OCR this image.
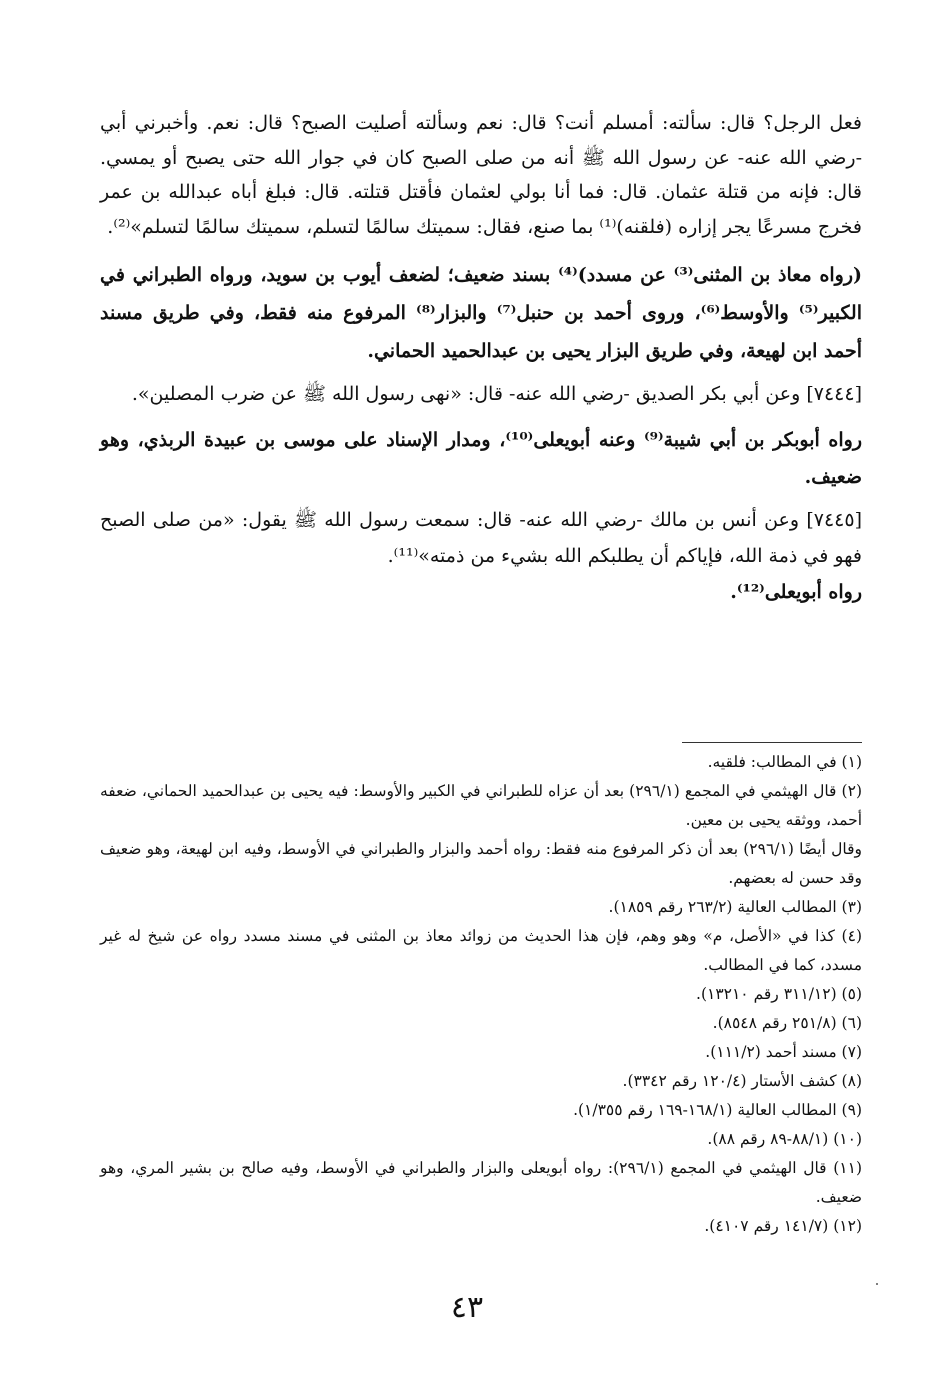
فعل الرجل؟ قال: سألته: أمسلم أنت؟ قال: نعم وسألته أصليت الصبح؟ قال: نعم. وأخبرني أبي -رضي الله عنه- عن رسول الله ﷺ أنه من صلى الصبح كان في جوار الله حتى يصبح أو يمسي. قال: فإنه من قتلة عثمان. قال: فما أنا بولي لعثمان فأقتل قتلته. قال: فبلغ أباه عبدالله بن عمر فخرج مسرعًا يجر إزاره (فلقنه)⁽¹⁾ بما صنع، فقال: سميتك سالمًا لتسلم، سميتك سالمًا لتسلم»⁽²⁾.

(رواه معاذ بن المثنى⁽³⁾ عن مسدد)⁽⁴⁾ بسند ضعيف؛ لضعف أيوب بن سويد، ورواه الطبراني في الكبير⁽⁵⁾ والأوسط⁽⁶⁾، وروى أحمد بن حنبل⁽⁷⁾ والبزار⁽⁸⁾ المرفوع منه فقط، وفي طريق مسند أحمد ابن لهيعة، وفي طريق البزار يحيى بن عبدالحميد الحماني.

[٧٤٤٤] وعن أبي بكر الصديق -رضي الله عنه- قال: «نهى رسول الله ﷺ عن ضرب المصلين».

رواه أبوبكر بن أبي شيبة⁽⁹⁾ وعنه أبويعلى⁽¹⁰⁾، ومدار الإسناد على موسى بن عبيدة الربذي، وهو ضعيف.

[٧٤٤٥] وعن أنس بن مالك -رضي الله عنه- قال: سمعت رسول الله ﷺ يقول: «من صلى الصبح فهو في ذمة الله، فإياكم أن يطلبكم الله بشيء من ذمته»⁽¹¹⁾.

رواه أبويعلى⁽¹²⁾.

(١) في المطالب: فلقيه.

(٢) قال الهيثمي في المجمع (٢٩٦/١) بعد أن عزاه للطبراني في الكبير والأوسط: فيه يحيى بن عبدالحميد الحماني، ضعفه أحمد، ووثقه يحيى بن معين.

وقال أيضًا (٢٩٦/١) بعد أن ذكر المرفوع منه فقط: رواه أحمد والبزار والطبراني في الأوسط، وفيه ابن لهيعة، وهو ضعيف وقد حسن له بعضهم.

(٣) المطالب العالية (٢٦٣/٢ رقم ١٨٥٩).

(٤) كذا في «الأصل، م» وهو وهم، فإن هذا الحديث من زوائد معاذ بن المثنى في مسند مسدد رواه عن شيخ له غير مسدد، كما في المطالب.

(٥) (٣١١/١٢ رقم ١٣٢١٠).

(٦) (٢٥١/٨ رقم ٨٥٤٨).

(٧) مسند أحمد (١١١/٢).

(٨) كشف الأستار (١٢٠/٤ رقم ٣٣٤٢).

(٩) المطالب العالية (١٦٨/١-١٦٩ رقم ١/٣٥٥).

(١٠) (٨٨/١-٨٩ رقم ٨٨).

(١١) قال الهيثمي في المجمع (٢٩٦/١): رواه أبويعلى والبزار والطبراني في الأوسط، وفيه صالح بن بشير المري، وهو ضعيف.

(١٢) (١٤١/٧ رقم ٤١٠٧).

٤٣
